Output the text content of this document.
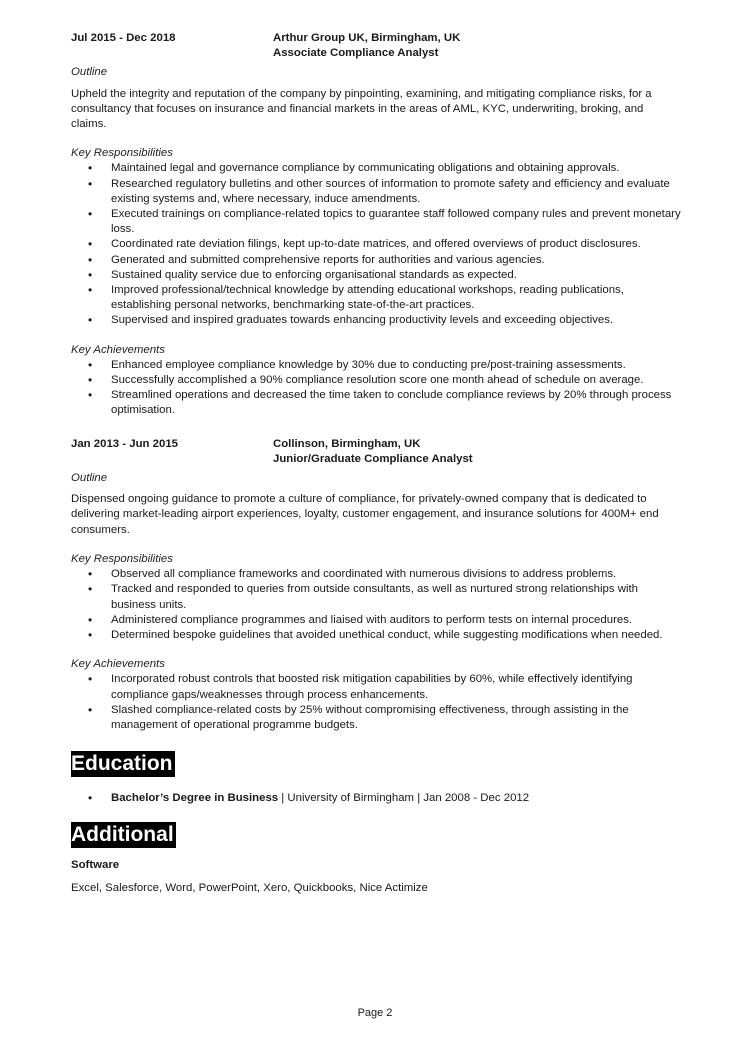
Jul 2015 - Dec 2018	Arthur Group UK, Birmingham, UK
Associate Compliance Analyst
Outline
Upheld the integrity and reputation of the company by pinpointing, examining, and mitigating compliance risks, for a consultancy that focuses on insurance and financial markets in the areas of AML, KYC, underwriting, broking, and claims.
Key Responsibilities
• Maintained legal and governance compliance by communicating obligations and obtaining approvals.
• Researched regulatory bulletins and other sources of information to promote safety and efficiency and evaluate existing systems and, where necessary, induce amendments.
• Executed trainings on compliance-related topics to guarantee staff followed company rules and prevent monetary loss.
• Coordinated rate deviation filings, kept up-to-date matrices, and offered overviews of product disclosures.
• Generated and submitted comprehensive reports for authorities and various agencies.
• Sustained quality service due to enforcing organisational standards as expected.
• Improved professional/technical knowledge by attending educational workshops, reading publications, establishing personal networks, benchmarking state-of-the-art practices.
• Supervised and inspired graduates towards enhancing productivity levels and exceeding objectives.
Key Achievements
• Enhanced employee compliance knowledge by 30% due to conducting pre/post-training assessments.
• Successfully accomplished a 90% compliance resolution score one month ahead of schedule on average.
• Streamlined operations and decreased the time taken to conclude compliance reviews by 20% through process optimisation.
Jan 2013 - Jun 2015	Collinson, Birmingham, UK
Junior/Graduate Compliance Analyst
Outline
Dispensed ongoing guidance to promote a culture of compliance, for privately-owned company that is dedicated to delivering market-leading airport experiences, loyalty, customer engagement, and insurance solutions for 400M+ end consumers.
Key Responsibilities
• Observed all compliance frameworks and coordinated with numerous divisions to address problems.
• Tracked and responded to queries from outside consultants, as well as nurtured strong relationships with business units.
• Administered compliance programmes and liaised with auditors to perform tests on internal procedures.
• Determined bespoke guidelines that avoided unethical conduct, while suggesting modifications when needed.
Key Achievements
• Incorporated robust controls that boosted risk mitigation capabilities by 60%, while effectively identifying compliance gaps/weaknesses through process enhancements.
• Slashed compliance-related costs by 25% without compromising effectiveness, through assisting in the management of operational programme budgets.
Education
• Bachelor’s Degree in Business | University of Birmingham | Jan 2008 - Dec 2012
Additional
Software
Excel, Salesforce, Word, PowerPoint, Xero, Quickbooks, Nice Actimize
Page 2
